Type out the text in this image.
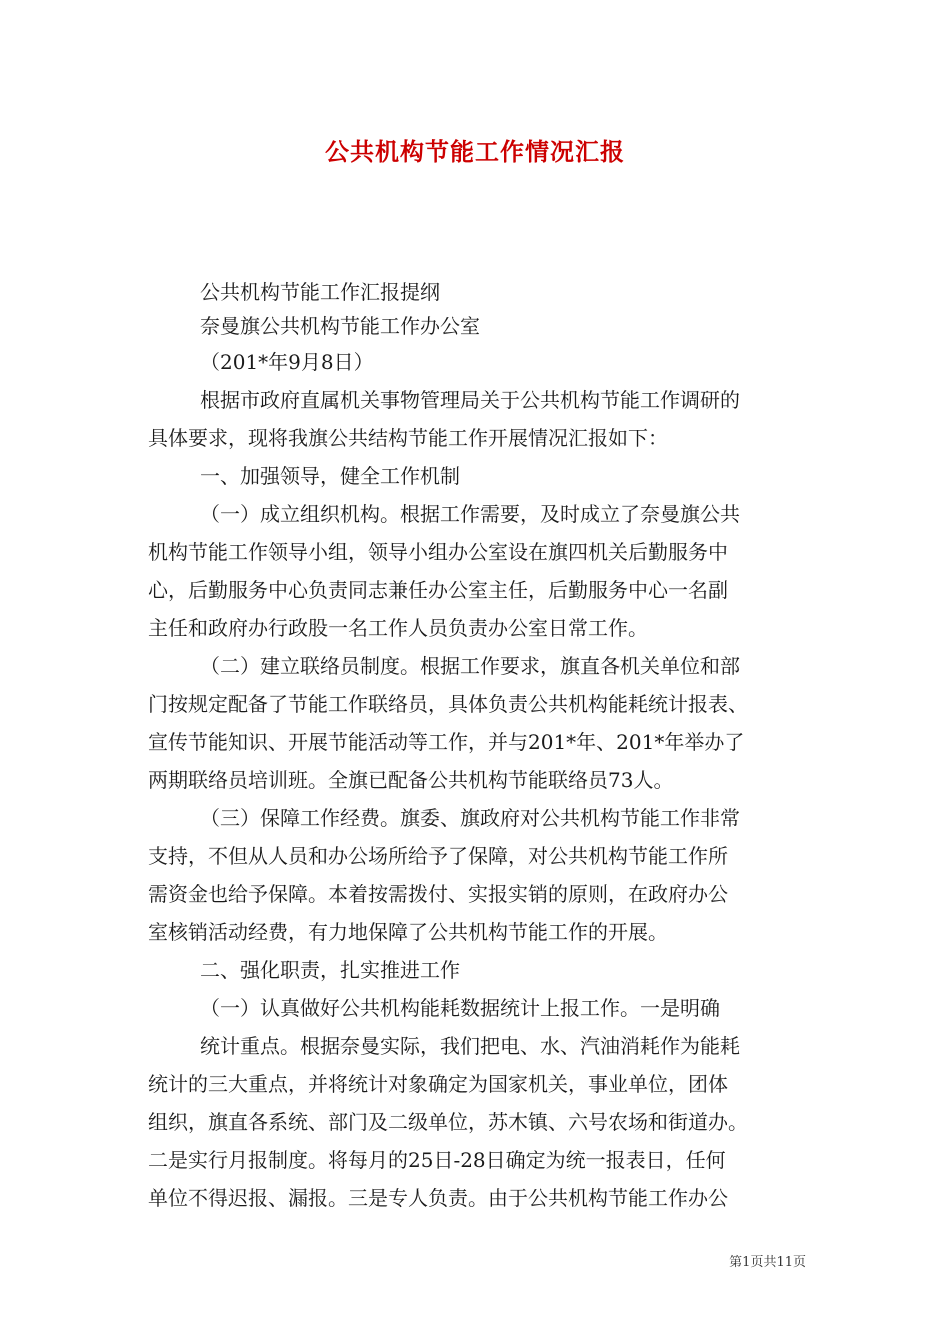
公共机构节能工作情况汇报
公共机构节能工作汇报提纲
奈曼旗公共机构节能工作办公室
（201*年9月8日）
根据市政府直属机关事物管理局关于公共机构节能工作调研的
具体要求，现将我旗公共结构节能工作开展情况汇报如下：
一、加强领导，健全工作机制
（一）成立组织机构。根据工作需要，及时成立了奈曼旗公共
机构节能工作领导小组，领导小组办公室设在旗四机关后勤服务中
心，后勤服务中心负责同志兼任办公室主任，后勤服务中心一名副
主任和政府办行政股一名工作人员负责办公室日常工作。
（二）建立联络员制度。根据工作要求，旗直各机关单位和部
门按规定配备了节能工作联络员，具体负责公共机构能耗统计报表、
宣传节能知识、开展节能活动等工作，并与201*年、201*年举办了
两期联络员培训班。全旗已配备公共机构节能联络员73人。
（三）保障工作经费。旗委、旗政府对公共机构节能工作非常
支持，不但从人员和办公场所给予了保障，对公共机构节能工作所
需资金也给予保障。本着按需拨付、实报实销的原则，在政府办公
室核销活动经费，有力地保障了公共机构节能工作的开展。
二、强化职责，扎实推进工作
（一）认真做好公共机构能耗数据统计上报工作。一是明确
统计重点。根据奈曼实际，我们把电、水、汽油消耗作为能耗
统计的三大重点，并将统计对象确定为国家机关，事业单位，团体
组织，旗直各系统、部门及二级单位，苏木镇、六号农场和街道办。
二是实行月报制度。将每月的25日-28日确定为统一报表日，任何
单位不得迟报、漏报。三是专人负责。由于公共机构节能工作办公
第1页共11页
